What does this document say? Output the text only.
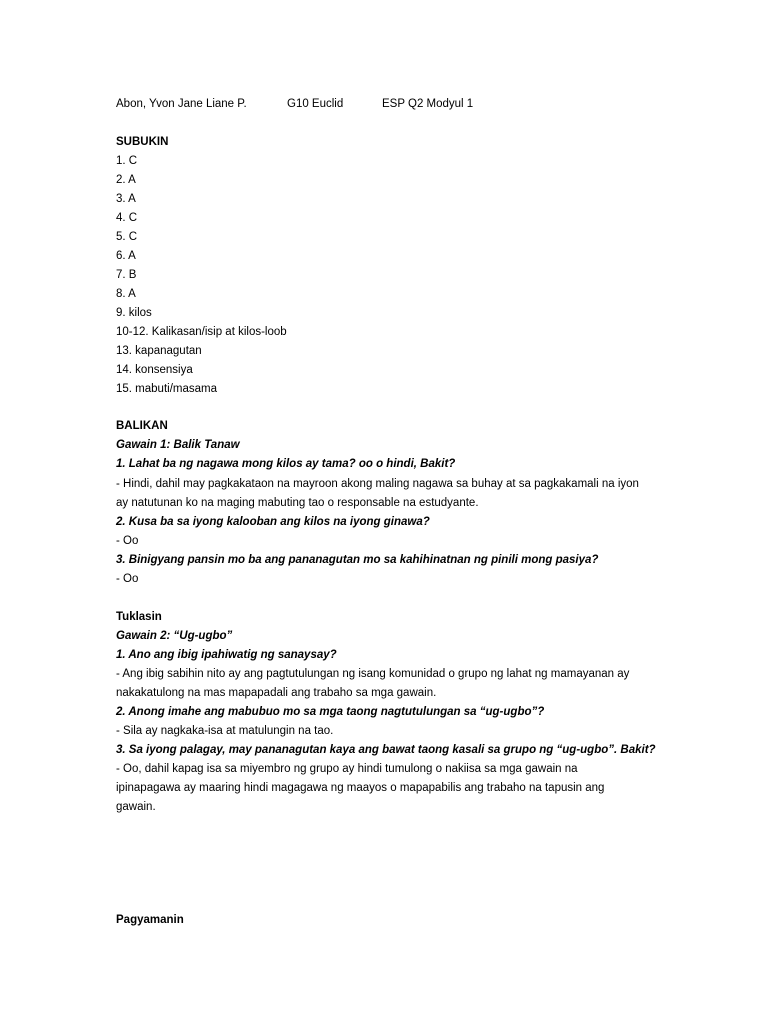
Abon, Yvon Jane Liane P.	G10 Euclid	ESP Q2 Modyul 1
SUBUKIN
1. C
2. A
3. A
4. C
5. C
6. A
7. B
8. A
9. kilos
10-12. Kalikasan/isip at kilos-loob
13. kapanagutan
14. konsensiya
15. mabuti/masama
BALIKAN
Gawain 1: Balik Tanaw
1. Lahat ba ng nagawa mong kilos ay tama? oo o hindi, Bakit?
- Hindi, dahil may pagkakataon na mayroon akong maling nagawa sa buhay at sa pagkakamali na iyon
ay natutunan ko na maging mabuting tao o responsable na estudyante.
2. Kusa ba sa iyong kalooban ang kilos na iyong ginawa?
- Oo
3. Binigyang pansin mo ba ang pananagutan mo sa kahihinatnan ng pinili mong pasiya?
- Oo
Tuklasin
Gawain 2: “Ug-ugbo”
1. Ano ang ibig ipahiwatig ng sanaysay?
- Ang ibig sabihin nito ay ang pagtutulungan ng isang komunidad o grupo ng lahat ng mamayanan ay
nakakatulong na mas mapapadali ang trabaho sa mga gawain.
2. Anong imahe ang mabubuo mo sa mga taong nagtutulungan sa “ug-ugbo”?
- Sila ay nagkaka-isa at matulungin na tao.
3. Sa iyong palagay, may pananagutan kaya ang bawat taong kasali sa grupo ng “ug-ugbo”. Bakit?
- Oo, dahil kapag isa sa miyembro ng grupo ay hindi tumulong o nakiisa sa mga gawain na
ipinapagawa ay maaring hindi magagawa ng maayos o mapapabilis ang trabaho na tapusin ang
gawain.
Pagyamanin
